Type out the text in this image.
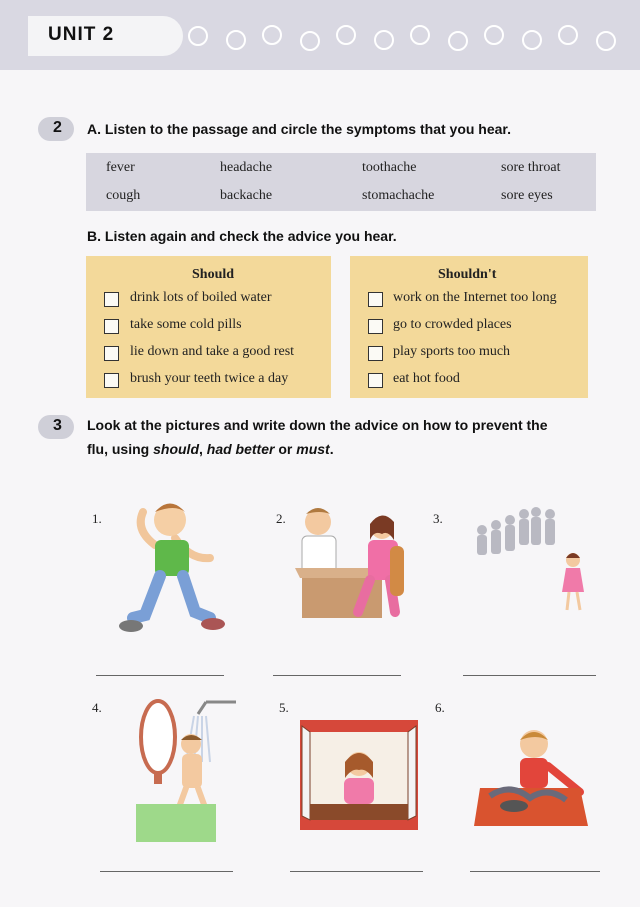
UNIT 2
2 A. Listen to the passage and circle the symptoms that you hear.
fever	headache	toothache	sore throat
cough	backache	stomachache	sore eyes
B. Listen again and check the advice you hear.
Should
drink lots of boiled water
take some cold pills
lie down and take a good rest
brush your teeth twice a day
Shouldn't
work on the Internet too long
go to crowded places
play sports too much
eat hot food
3 Look at the pictures and write down the advice on how to prevent the
flu, using should, had better or must.
1.	2.	3.
4.	5.	6.
